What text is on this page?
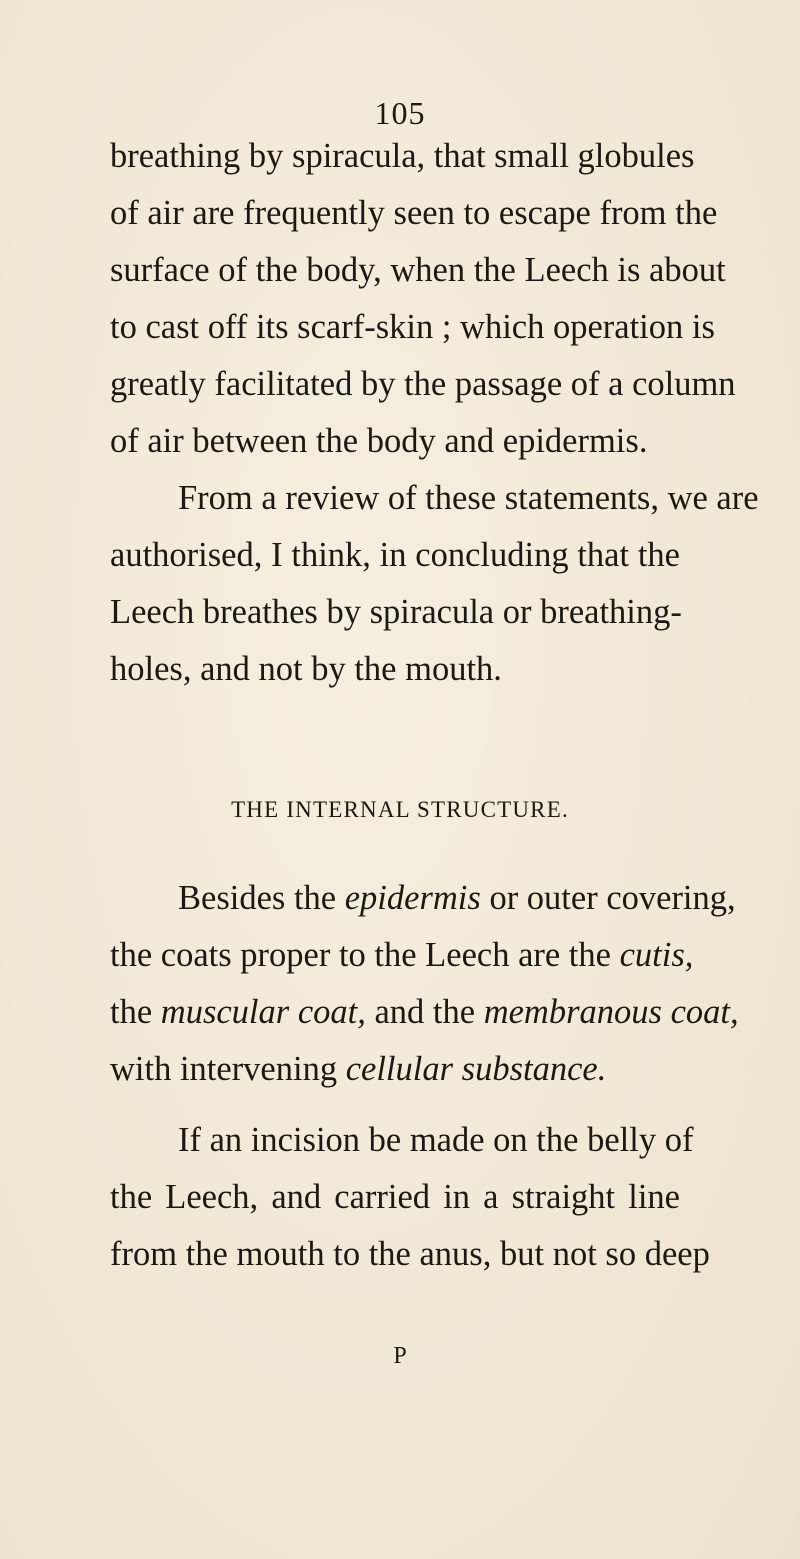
105
breathing by spiracula, that small globules
of air are frequently seen to escape from the
surface of the body, when the Leech is about
to cast off its scarf-skin ; which operation is
greatly facilitated by the passage of a column
of air between the body and epidermis.
From a review of these statements, we are
authorised, I think, in concluding that the
Leech breathes by spiracula or breathing-
holes, and not by the mouth.
THE INTERNAL STRUCTURE.
Besides the epidermis or outer covering,
the coats proper to the Leech are the cutis,
the muscular coat, and the membranous coat,
with intervening cellular substance.
If an incision be made on the belly of
the Leech, and carried in a straight line
from the mouth to the anus, but not so deep
P
